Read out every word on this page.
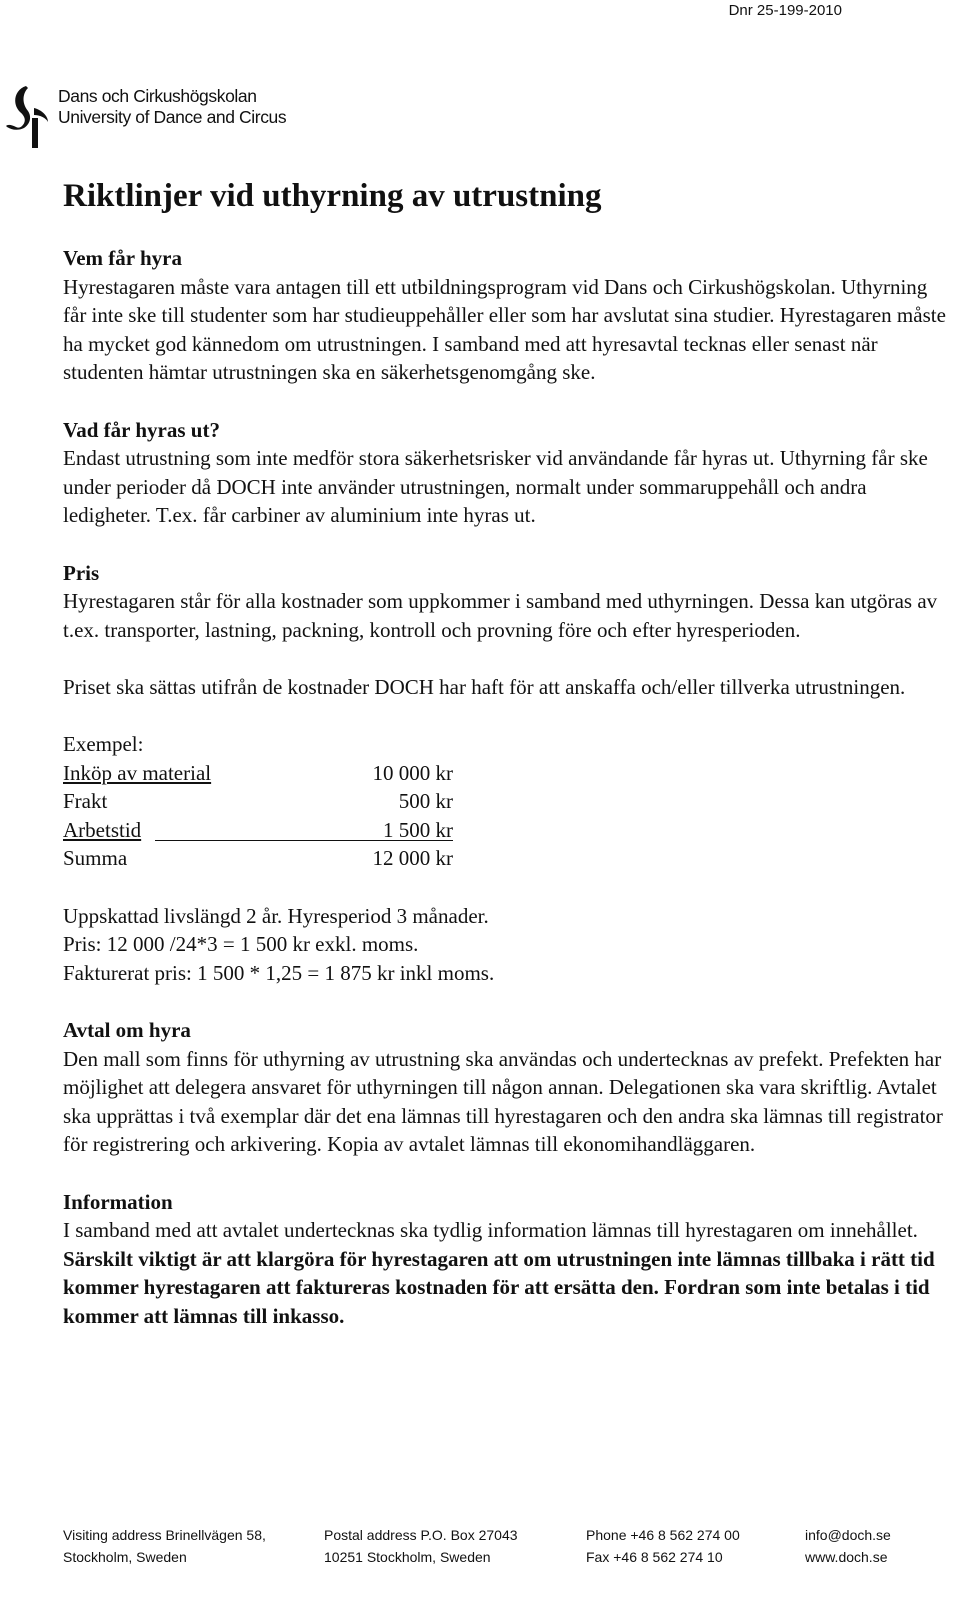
Dnr 25-199-2010
Dans och Cirkushögskolan
University of Dance and Circus
Riktlinjer vid uthyrning av utrustning
Vem får hyra

Hyrestagaren måste vara antagen till ett utbildningsprogram vid Dans och Cirkushögskolan. Uthyrning får inte ske till studenter som har studieuppehåller eller som har avslutat sina studier. Hyrestagaren måste ha mycket god kännedom om utrustningen. I samband med att hyresavtal tecknas eller senast när studenten hämtar utrustningen ska en säkerhetsgenomgång ske.

Vad får hyras ut?

Endast utrustning som inte medför stora säkerhetsrisker vid användande får hyras ut. Uthyrning får ske under perioder då DOCH inte använder utrustningen, normalt under sommaruppehåll och andra ledigheter. T.ex. får carbiner av aluminium inte hyras ut.

Pris

Hyrestagaren står för alla kostnader som uppkommer i samband med uthyrningen. Dessa kan utgöras av t.ex. transporter, lastning, packning, kontroll och provning före och efter hyresperioden.

Priset ska sättas utifrån de kostnader DOCH har haft för att anskaffa och/eller tillverka utrustningen.

Exempel:
Inköp av material	10 000 kr
Frakt	500 kr
Arbetstid	1 500 kr
Summa	12 000 kr
Uppskattad livslängd 2 år. Hyresperiod 3 månader.
Pris: 12 000 /24*3 = 1 500 kr exkl. moms.
Fakturerat pris: 1 500 * 1,25 = 1 875 kr inkl moms.
Avtal om hyra

Den mall som finns för uthyrning av utrustning ska användas och undertecknas av prefekt. Prefekten har möjlighet att delegera ansvaret för uthyrningen till någon annan. Delegationen ska vara skriftlig. Avtalet ska upprättas i två exemplar där det ena lämnas till hyrestagaren och den andra ska lämnas till registrator för registrering och arkivering. Kopia av avtalet lämnas till ekonomihandläggaren.

Information

I samband med att avtalet undertecknas ska tydlig information lämnas till hyrestagaren om innehållet. Särskilt viktigt är att klargöra för hyrestagaren att om utrustningen inte lämnas tillbaka i rätt tid kommer hyrestagaren att faktureras kostnaden för att ersätta den. Fordran som inte betalas i tid kommer att lämnas till inkasso.

Visiting address Brinellvägen 58,
Stockholm, Sweden
Postal address P.O. Box 27043
10251 Stockholm, Sweden
Phone +46 8 562 274 00
Fax +46 8 562 274 10
info@doch.se
www.doch.se
